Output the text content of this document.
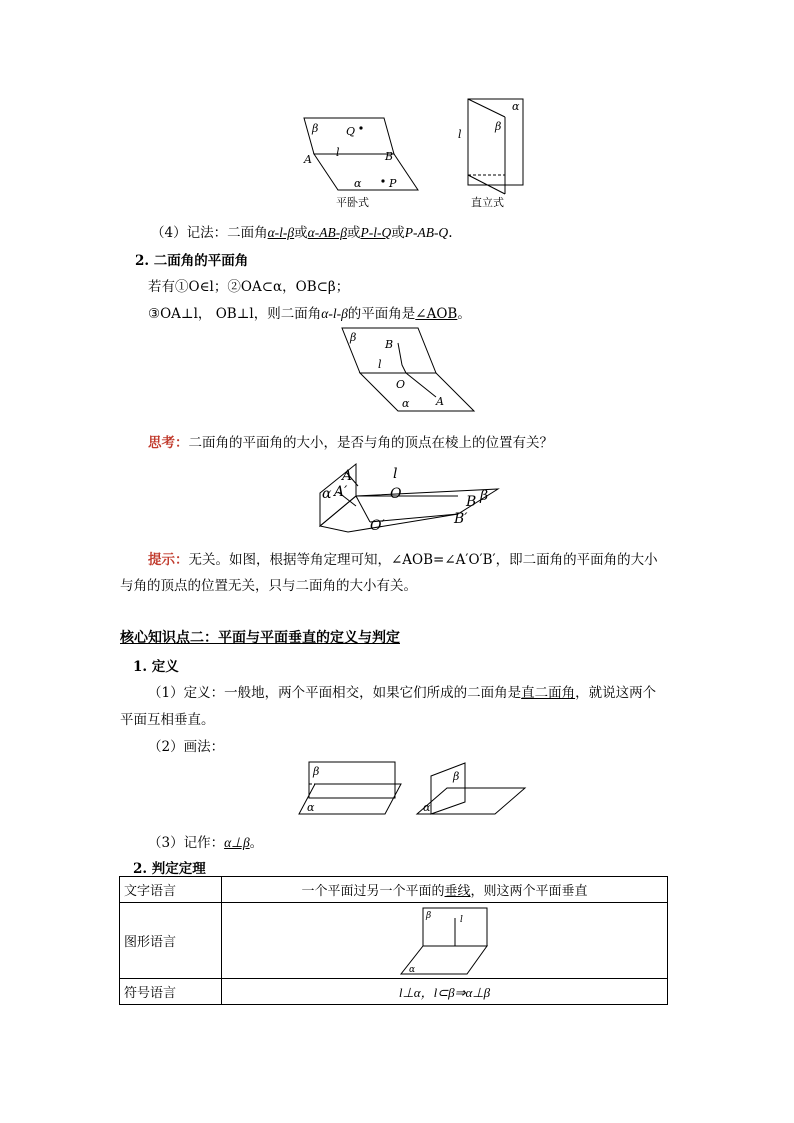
β	Q
l
A	B
α	P
平卧式
α
β
l
直立式
（4）记法：二面角α-l-β或α-AB-β或P-l-Q或P-AB-Q.
2. 二面角的平面角
若有①O∈l；②OA⊂α，OB⊂β；
③OA⊥l， OB⊥l，则二面角α-l-β的平面角是∠AOB。
β
B
l
O
α A
思考：二面角的平面角的大小，是否与角的顶点在棱上的位置有关？
A	l
α A′	O	B β
B′
O′
提示：无关。如图，根据等角定理可知，∠AOB=∠A′O′B′，即二面角的平面角的大小
与角的顶点的位置无关，只与二面角的大小有关。
核心知识点二：平面与平面垂直的定义与判定
1. 定义
（1）定义：一般地，两个平面相交，如果它们所成的二面角是直二面角，就说这两个
平面互相垂直。
（2）画法：
β
α
β
α
（3）记作：α⊥β。
2. 判定定理
文字语言	一个平面过另一个平面的垂线，则这两个平面垂直
图形语言	β l
α

符号语言	l⊥α，l⊂β⇒α⊥β
